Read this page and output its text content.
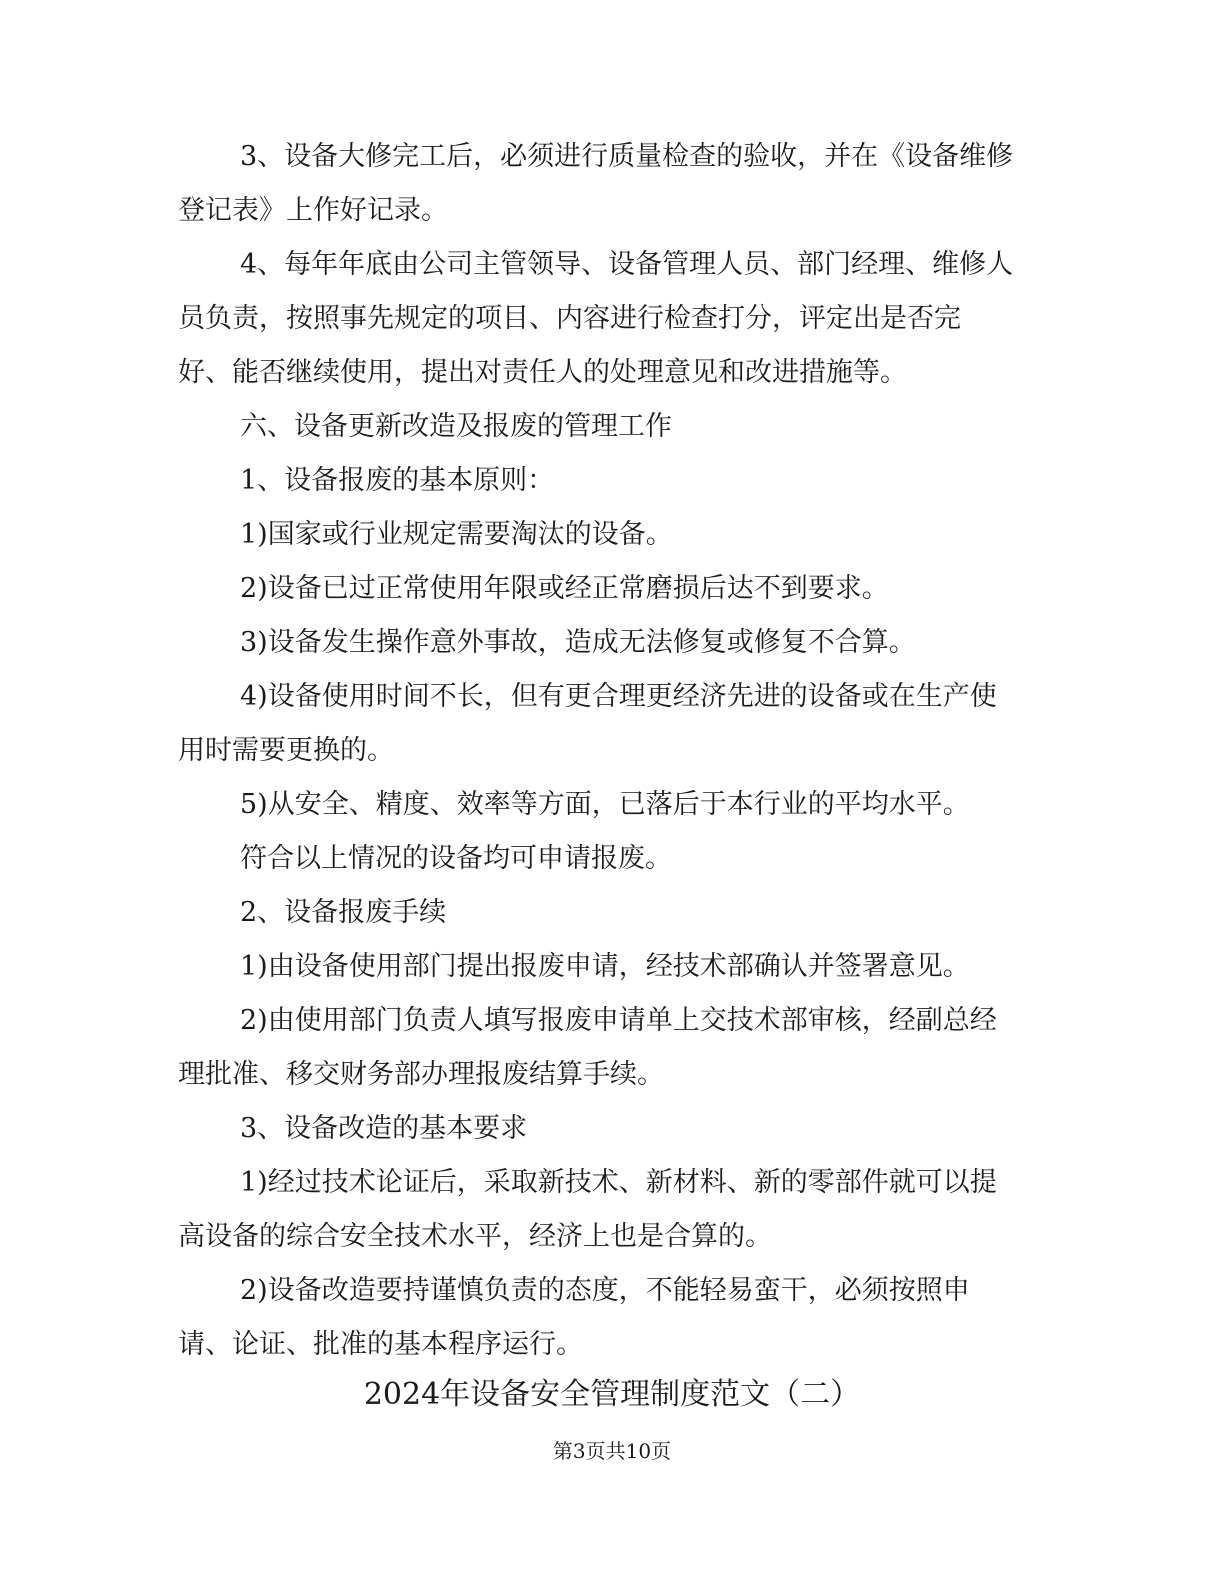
3、设备大修完工后，必须进行质量检查的验收，并在《设备维修

登记表》上作好记录。

4、每年年底由公司主管领导、设备管理人员、部门经理、维修人

员负责，按照事先规定的项目、内容进行检查打分，评定出是否完

好、能否继续使用，提出对责任人的处理意见和改进措施等。

六、设备更新改造及报废的管理工作

1、设备报废的基本原则：

1)国家或行业规定需要淘汰的设备。

2)设备已过正常使用年限或经正常磨损后达不到要求。

3)设备发生操作意外事故，造成无法修复或修复不合算。

4)设备使用时间不长，但有更合理更经济先进的设备或在生产使

用时需要更换的。

5)从安全、精度、效率等方面，已落后于本行业的平均水平。

符合以上情况的设备均可申请报废。

2、设备报废手续

1)由设备使用部门提出报废申请，经技术部确认并签署意见。

2)由使用部门负责人填写报废申请单上交技术部审核，经副总经

理批准、移交财务部办理报废结算手续。

3、设备改造的基本要求

1)经过技术论证后，采取新技术、新材料、新的零部件就可以提

高设备的综合安全技术水平，经济上也是合算的。

2)设备改造要持谨慎负责的态度，不能轻易蛮干，必须按照申

请、论证、批准的基本程序运行。

2024年设备安全管理制度范文（二）

第3页共10页
